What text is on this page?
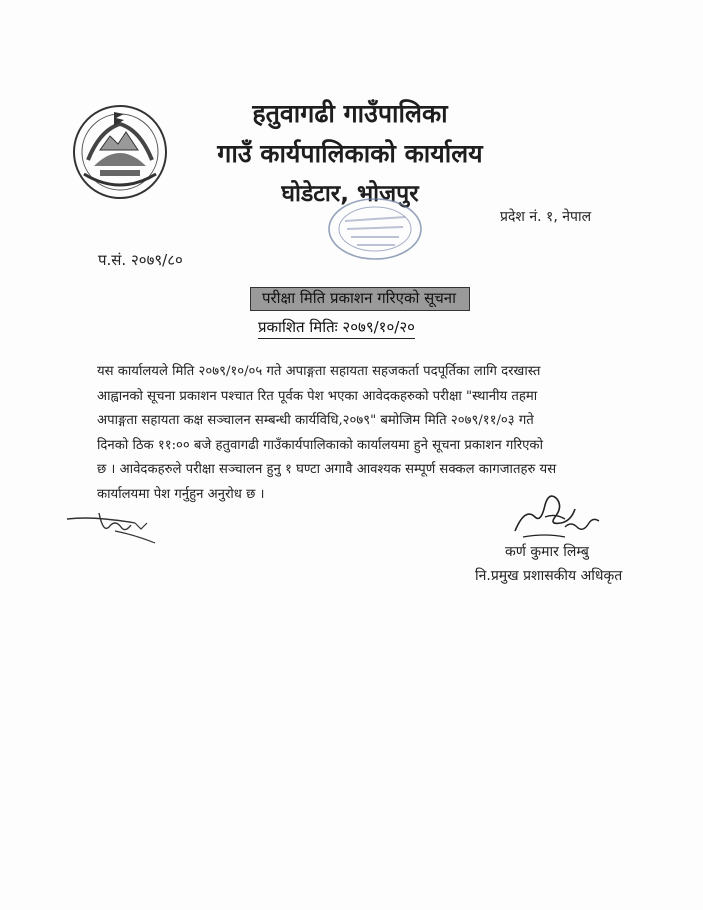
हतुवागढी गाउँपालिका
गाउँ कार्यपालिकाको कार्यालय
घोडेटार, भोजपुर
प्रदेश नं. १, नेपाल
प.सं. २०७९/८०
परीक्षा मिति प्रकाशन गरिएको सूचना
प्रकाशित मितिः २०७९/१०/२०
यस कार्यालयले मिति २०७९/१०/०५ गते अपाङ्गता सहायता सहजकर्ता पदपूर्तिका लागि दरखास्त
आह्वानको सूचना प्रकाशन पश्चात रित पूर्वक पेश भएका आवेदकहरुको परीक्षा "स्थानीय तहमा
अपाङ्गता सहायता कक्ष सञ्चालन सम्बन्धी कार्यविधि,२०७९" बमोजिम मिति २०७९/११/०३ गते
दिनको ठिक ११:०० बजे हतुवागढी गाउँकार्यपालिकाको कार्यालयमा हुने सूचना प्रकाशन गरिएको
छ । आवेदकहरुले परीक्षा सञ्चालन हुनु १ घण्टा अगावै आवश्यक सम्पूर्ण सक्कल कागजातहरु यस
कार्यालयमा पेश गर्नुहुन अनुरोध छ ।
कर्ण कुमार लिम्बु
नि.प्रमुख प्रशासकीय अधिकृत
